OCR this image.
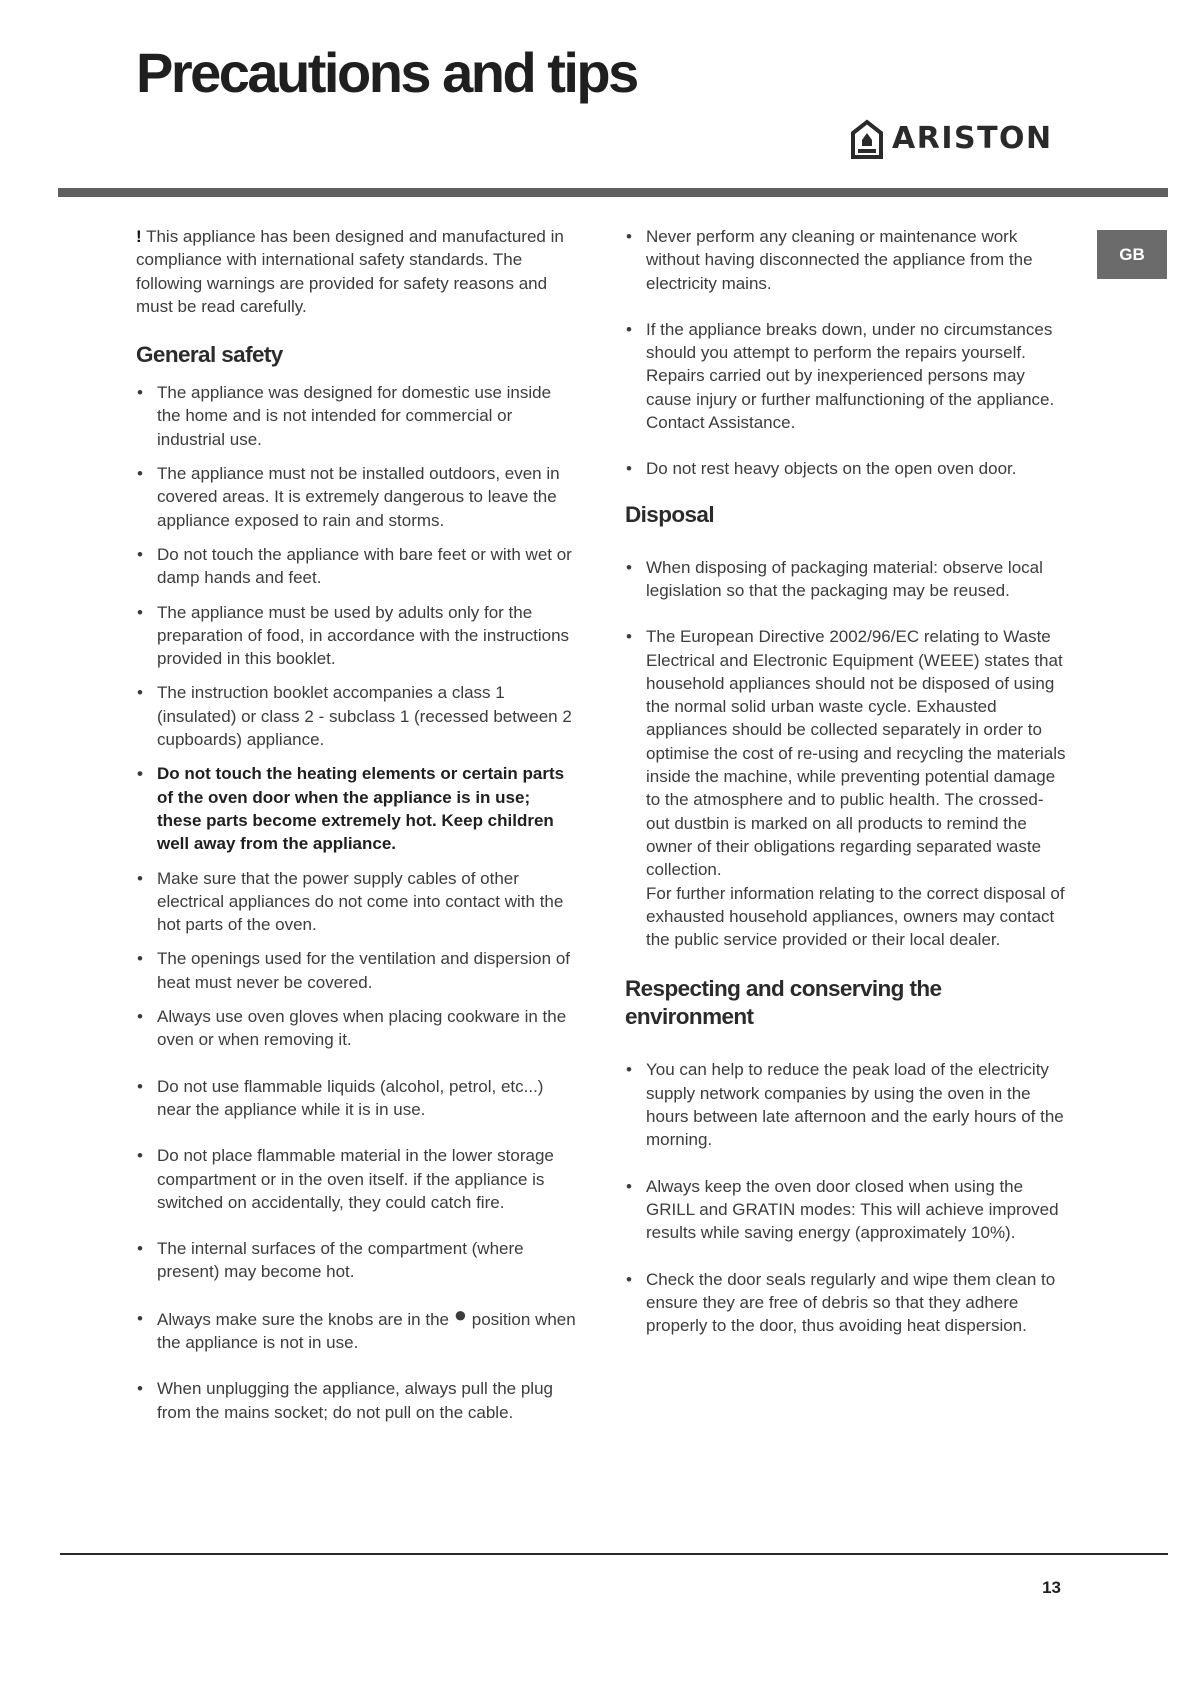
Precautions and tips
ARISTON
GB

! This appliance has been designed and manufactured in compliance with international safety standards. The following warnings are provided for safety reasons and must be read carefully.

General safety
• The appliance was designed for domestic use inside the home and is not intended for commercial or industrial use.
• The appliance must not be installed outdoors, even in covered areas. It is extremely dangerous to leave the appliance exposed to rain and storms.
• Do not touch the appliance with bare feet or with wet or damp hands and feet.
• The appliance must be used by adults only for the preparation of food, in accordance with the instructions provided in this booklet.
• The instruction booklet accompanies a class 1 (insulated) or class 2 - subclass 1 (recessed between 2 cupboards) appliance.
• Do not touch the heating elements or certain parts of the oven door when the appliance is in use; these parts become extremely hot. Keep children well away from the appliance.
• Make sure that the power supply cables of other electrical appliances do not come into contact with the hot parts of the oven.
• The openings used for the ventilation and dispersion of heat must never be covered.
• Always use oven gloves when placing cookware in the oven or when removing it.
• Do not use flammable liquids (alcohol, petrol, etc...) near the appliance while it is in use.
• Do not place flammable material in the lower storage compartment or in the oven itself. if the appliance is switched on accidentally, they could catch fire.
• The internal surfaces of the compartment (where present) may become hot.
• Always make sure the knobs are in the ● position when the appliance is not in use.
• When unplugging the appliance, always pull the plug from the mains socket; do not pull on the cable.
• Never perform any cleaning or maintenance work without having disconnected the appliance from the electricity mains.
• If the appliance breaks down, under no circumstances should you attempt to perform the repairs yourself. Repairs carried out by inexperienced persons may cause injury or further malfunctioning of the appliance. Contact Assistance.
• Do not rest heavy objects on the open oven door.
Disposal
• When disposing of packaging material: observe local legislation so that the packaging may be reused.
• The European Directive 2002/96/EC relating to Waste Electrical and Electronic Equipment (WEEE) states that household appliances should not be disposed of using the normal solid urban waste cycle. Exhausted appliances should be collected separately in order to optimise the cost of re-using and recycling the materials inside the machine, while preventing potential damage to the atmosphere and to public health. The crossed-out dustbin is marked on all products to remind the owner of their obligations regarding separated waste collection.
For further information relating to the correct disposal of exhausted household appliances, owners may contact the public service provided or their local dealer.
Respecting and conserving the environment
• You can help to reduce the peak load of the electricity supply network companies by using the oven in the hours between late afternoon and the early hours of the morning.
• Always keep the oven door closed when using the GRILL and GRATIN modes: This will achieve improved results while saving energy (approximately 10%).
• Check the door seals regularly and wipe them clean to ensure they are free of debris so that they adhere properly to the door, thus avoiding heat dispersion.
13
